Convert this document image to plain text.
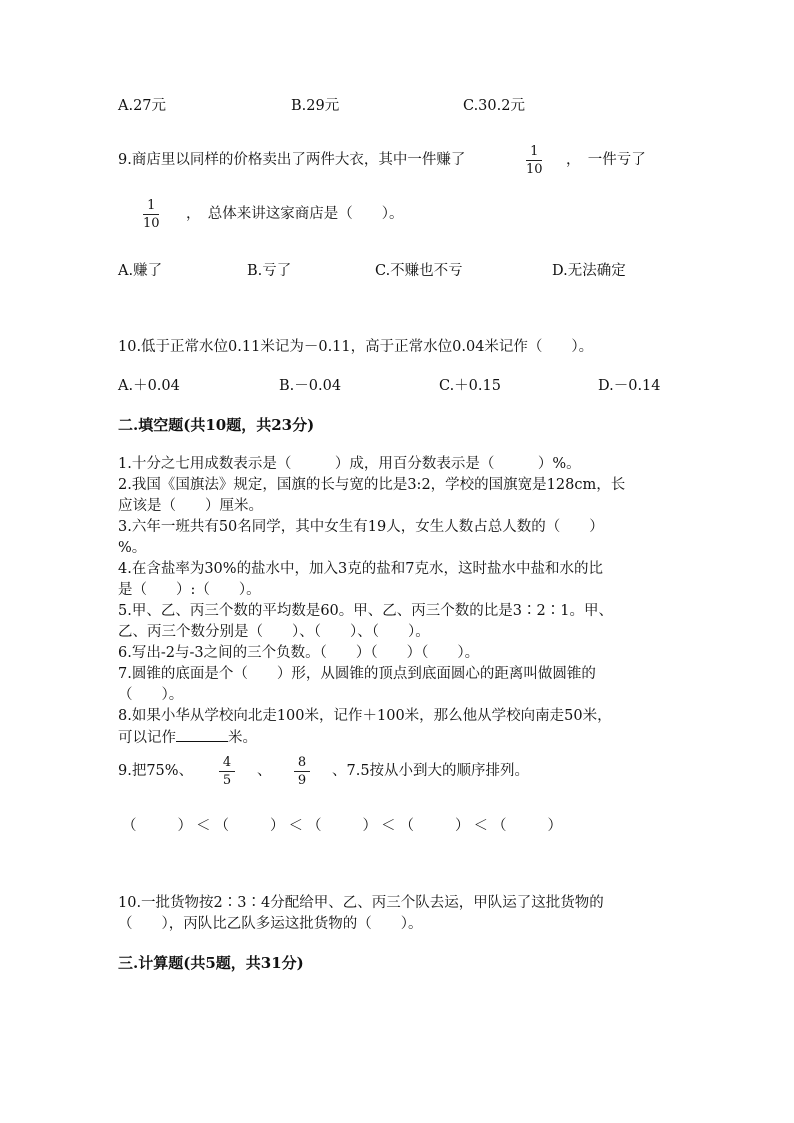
A.27元	B.29元	C.30.2元
9.商店里以同样的价格卖出了两件大衣，其中一件赚了
1
10
，　一件亏了
1
10
，　总体来讲这家商店是（　　）。
A.赚了	B.亏了	C.不赚也不亏	D.无法确定
10.低于正常水位0.11米记为－0.11，高于正常水位0.04米记作（　　）。
A.＋0.04	B.－0.04	C.＋0.15	D.－0.14
二.填空题(共10题，共23分)
1.十分之七用成数表示是（　　　）成，用百分数表示是（　　　）%。
2.我国《国旗法》规定，国旗的长与宽的比是3:2，学校的国旗宽是128cm，长
应该是（　　）厘米。
3.六年一班共有50名同学，其中女生有19人，女生人数占总人数的（　　）
%。
4.在含盐率为30%的盐水中，加入3克的盐和7克水，这时盐水中盐和水的比
是（　　）:（　　）。
5.甲、乙、丙三个数的平均数是60。甲、乙、丙三个数的比是3∶2∶1。甲、
乙、丙三个数分别是（　　）、（　　）、（　　）。
6.写出-2与-3之间的三个负数。（　　）（　　）（　　）。
7.圆锥的底面是个（　　）形，从圆锥的顶点到底面圆心的距离叫做圆锥的
（　　）。
8.如果小华从学校向北走100米，记作＋100米，那么他从学校向南走50米，
可以记作	米。
9.把75%、
4
5
、
8
9
、7.5按从小到大的顺序排列。
（　　）＜（　　）＜（　　）＜（　　）＜（　　）
10.一批货物按2∶3∶4分配给甲、乙、丙三个队去运，甲队运了这批货物的
（　　），丙队比乙队多运这批货物的（　　）。
三.计算题(共5题，共31分)
